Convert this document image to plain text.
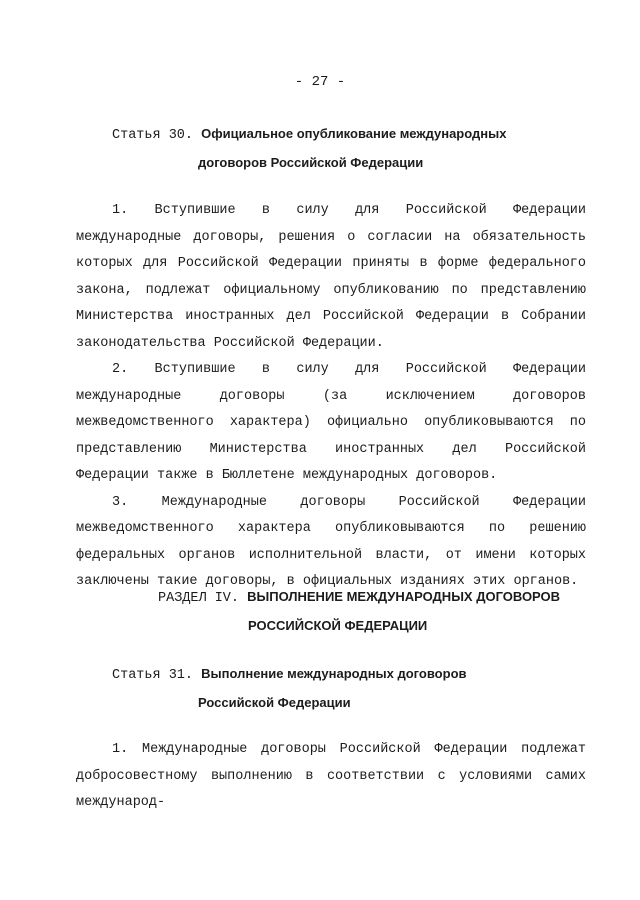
- 27 -
Статья 30. Официальное опубликование международных
договоров Российской Федерации

1. Вступившие в силу для Российской Федерации международные договоры, решения о согласии на обязательность которых для Российской Федерации приняты в форме федерального закона, подлежат официальному опубликованию по представлению Министерства иностранных дел Российской Федерации в Собрании законодательства Российской Федерации.

2. Вступившие в силу для Российской Федерации международные договоры (за исключением договоров межведомственного характера) официально опубликовываются по представлению Министерства иностранных дел Российской Федерации также в Бюллетене международных договоров.

3. Международные договоры Российской Федерации межведомственного характера опубликовываются по решению федеральных органов исполнительной власти, от имени которых заключены такие договоры, в официальных изданиях этих органов.

РАЗДЕЛ IV. ВЫПОЛНЕНИЕ МЕЖДУНАРОДНЫХ ДОГОВОРОВ
РОССИЙСКОЙ ФЕДЕРАЦИИ
Статья 31. Выполнение международных договоров
Российской Федерации

1. Международные договоры Российской Федерации подлежат добросовестному выполнению в соответствии с условиями самих международ-
